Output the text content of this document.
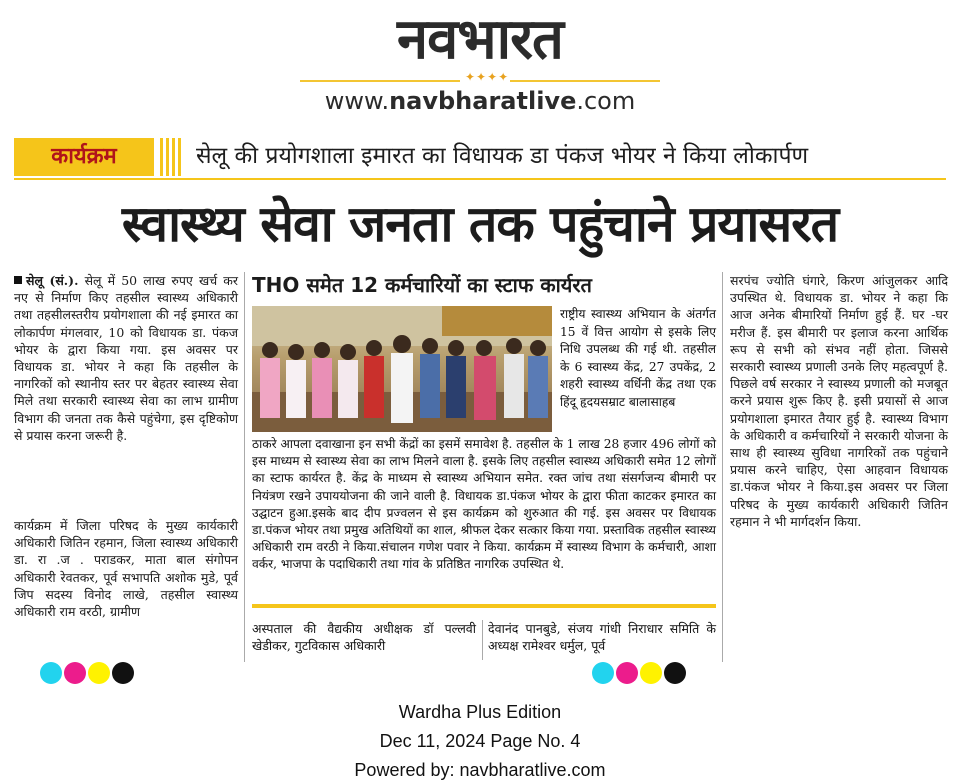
नवभारत
✦✦✦✦
www.navbharatlive.com
कार्यक्रम	सेलू की प्रयोगशाला इमारत का विधायक डा पंकज भोयर ने किया लोकार्पण
स्वास्थ्य सेवा जनता तक पहुंचाने प्रयासरत
सेलू (सं.). सेलू में 50 लाख रुपए खर्च कर नए से निर्माण किए तहसील स्वास्थ्य अधिकारी तथा तहसीलस्तरीय प्रयोगशाला की नई इमारत का लोकार्पण मंगलवार, 10 को विधायक डा. पंकज भोयर के द्वारा किया गया. इस अवसर पर विधायक डा. भोयर ने कहा कि तहसील के नागरिकों को स्थानीय स्तर पर बेहतर स्वास्थ्य सेवा मिले तथा सरकारी स्वास्थ्य सेवा का लाभ ग्रामीण विभाग की जनता तक कैसे पहुंचेगा, इस दृष्टिकोण से प्रयास करना जरूरी है.
कार्यक्रम में जिला परिषद के मुख्य कार्यकारी अधिकारी जितिन रहमान, जिला स्वास्थ्य अधिकारी डा. रा .ज . पराडकर, माता बाल संगोपन अधिकारी रेवतकर, पूर्व सभापति अशोक मुडे, पूर्व जिप सदस्य विनोद लाखे, तहसील स्वास्थ्य अधिकारी राम वरठी, ग्रामीण
THO समेत 12 कर्मचारियों का स्टाफ कार्यरत
राष्ट्रीय स्वास्थ्य अभियान के अंतर्गत 15 वें वित्त आयोग से इसके लिए निधि उपलब्ध की गई थी. तहसील के 6 स्वास्थ्य केंद्र, 27 उपकेंद्र, 2 शहरी स्वास्थ्य वर्धिनी केंद्र तथा एक हिंदू हृदयसम्राट बालासाहब
ठाकरे आपला दवाखाना इन सभी केंद्रों का इसमें समावेश है. तहसील के 1 लाख 28 हजार 496 लोगों को इस माध्यम से स्वास्थ्य सेवा का लाभ मिलने वाला है. इसके लिए तहसील स्वास्थ्य अधिकारी समेत 12 लोगों का स्टाफ कार्यरत है. केंद्र के माध्यम से स्वास्थ्य अभियान समेत. रक्त जांच तथा संसर्गजन्य बीमारी पर नियंत्रण रखने उपाययोजना की जाने वाली है. विधायक डा.पंकज भोयर के द्वारा फीता काटकर इमारत का उद्घाटन हुआ.इसके बाद दीप प्रज्वलन से इस कार्यक्रम को शुरुआत की गई. इस अवसर पर विधायक डा.पंकज भोयर तथा प्रमुख अतिथियों का शाल, श्रीफल देकर सत्कार किया गया. प्रस्ताविक तहसील स्वास्थ्य अधिकारी राम वरठी ने किया.संचालन गणेश पवार ने किया. कार्यक्रम में स्वास्थ्य विभाग के कर्मचारी, आशा वर्कर, भाजपा के पदाधिकारी तथा गांव के प्रतिष्ठित नागरिक उपस्थित थे.
अस्पताल की वैद्यकीय अधीक्षक डॉ पल्लवी खेडीकर, गुटविकास अधिकारी
देवानंद पानबुडे, संजय गांधी निराधार समिति के अध्यक्ष रामेश्वर धर्मुल, पूर्व
सरपंच ज्योति घंगारे, किरण आंजुलकर आदि उपस्थित थे. विधायक डा. भोयर ने कहा कि आज अनेक बीमारियों निर्माण हुई हैं. घर -घर मरीज हैं. इस बीमारी पर इलाज करना आर्थिक रूप से सभी को संभव नहीं होता. जिससे सरकारी स्वास्थ्य प्रणाली उनके लिए महत्वपूर्ण है. पिछले वर्ष सरकार ने स्वास्थ्य प्रणाली को मजबूत करने प्रयास शुरू किए है. इसी प्रयासों से आज प्रयोगशाला इमारत तैयार हुई है. स्वास्थ्य विभाग के अधिकारी व कर्मचारियों ने सरकारी योजना के साथ ही स्वास्थ्य सुविधा नागरिकों तक पहुंचाने प्रयास करने चाहिए, ऐसा आहवान विधायक डा.पंकज भोयर ने किया.इस अवसर पर जिला परिषद के मुख्य कार्यकारी अधिकारी जितिन रहमान ने भी मार्गदर्शन किया.
Wardha Plus Edition
Dec 11, 2024 Page No. 4
Powered by: navbharatlive.com
